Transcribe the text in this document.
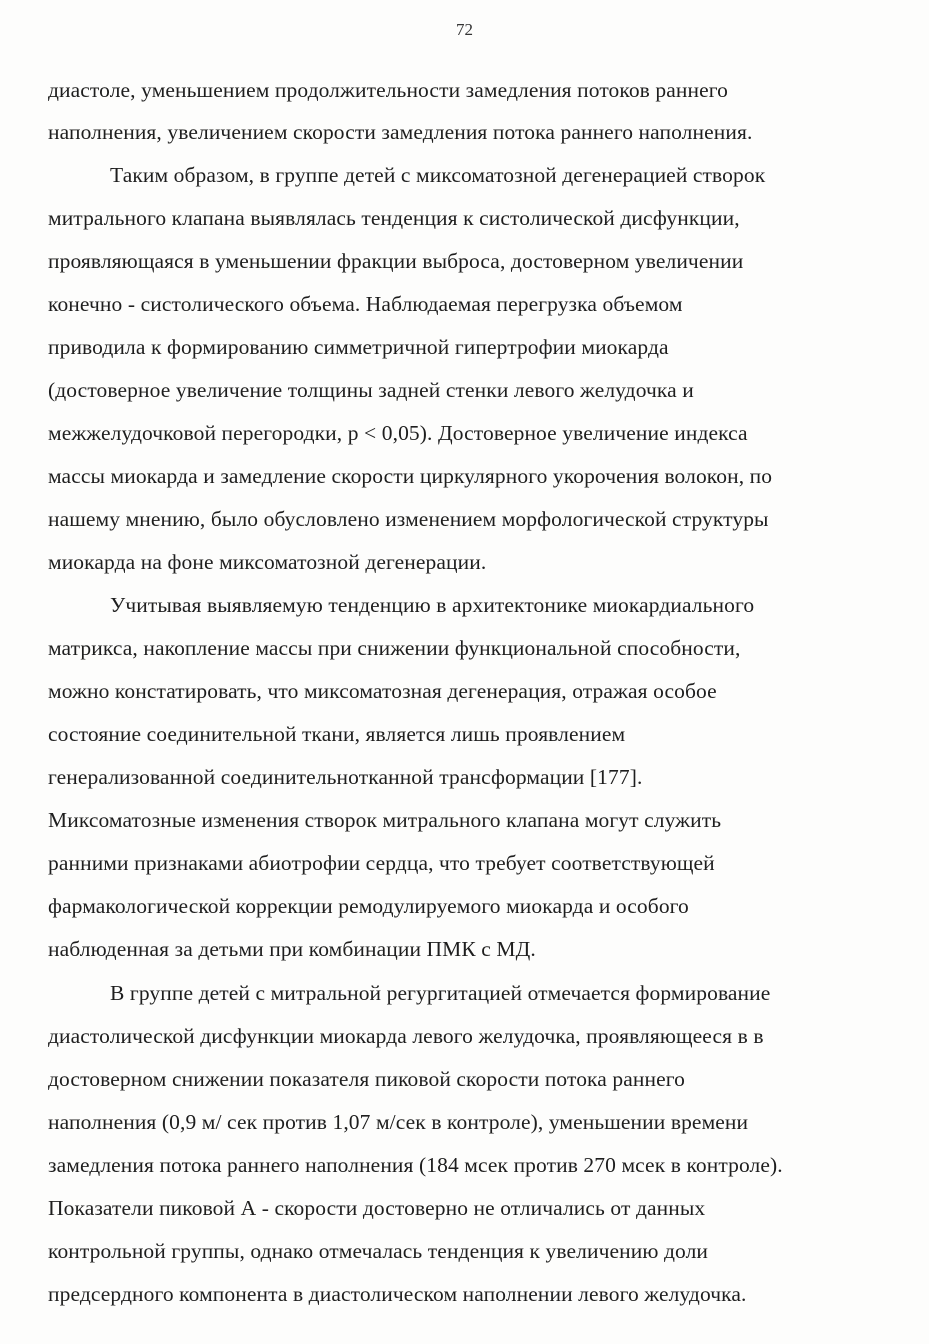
72
диастоле, уменьшением продолжительности замедления потоков раннего
наполнения, увеличением скорости замедления потока раннего наполнения.
Таким образом, в группе детей с миксоматозной дегенерацией створок
митрального клапана выявлялась тенденция к систолической дисфункции,
проявляющаяся в уменьшении фракции выброса, достоверном увеличении
конечно - систолического объема. Наблюдаемая перегрузка объемом
приводила к формированию симметричной гипертрофии миокарда
(достоверное увеличение толщины задней стенки левого желудочка и
межжелудочковой перегородки, p < 0,05). Достоверное увеличение индекса
массы миокарда и замедление скорости циркулярного укорочения волокон, по
нашему мнению, было обусловлено изменением морфологической структуры
миокарда на фоне миксоматозной дегенерации.
Учитывая выявляемую тенденцию в архитектонике миокардиального
матрикса, накопление массы при снижении функциональной способности,
можно констатировать, что миксоматозная дегенерация, отражая особое
состояние соединительной ткани, является лишь проявлением
генерализованной соединительнотканной трансформации [177].
Миксоматозные изменения створок митрального клапана могут служить
ранними признаками абиотрофии сердца, что требует соответствующей
фармакологической коррекции ремодулируемого миокарда и особого
наблюденная за детьми при комбинации ПМК с МД.
В группе детей с митральной регургитацией отмечается формирование
диастолической дисфункции миокарда левого желудочка, проявляющееся в в
достоверном снижении показателя пиковой скорости потока раннего
наполнения (0,9 м/ сек против 1,07 м/сек в контроле), уменьшении времени
замедления потока раннего наполнения (184 мсек против 270 мсек в контроле).
Показатели пиковой А - скорости достоверно не отличались от данных
контрольной группы, однако отмечалась тенденция к увеличению доли
предсердного компонента в диастолическом наполнении левого желудочка.
